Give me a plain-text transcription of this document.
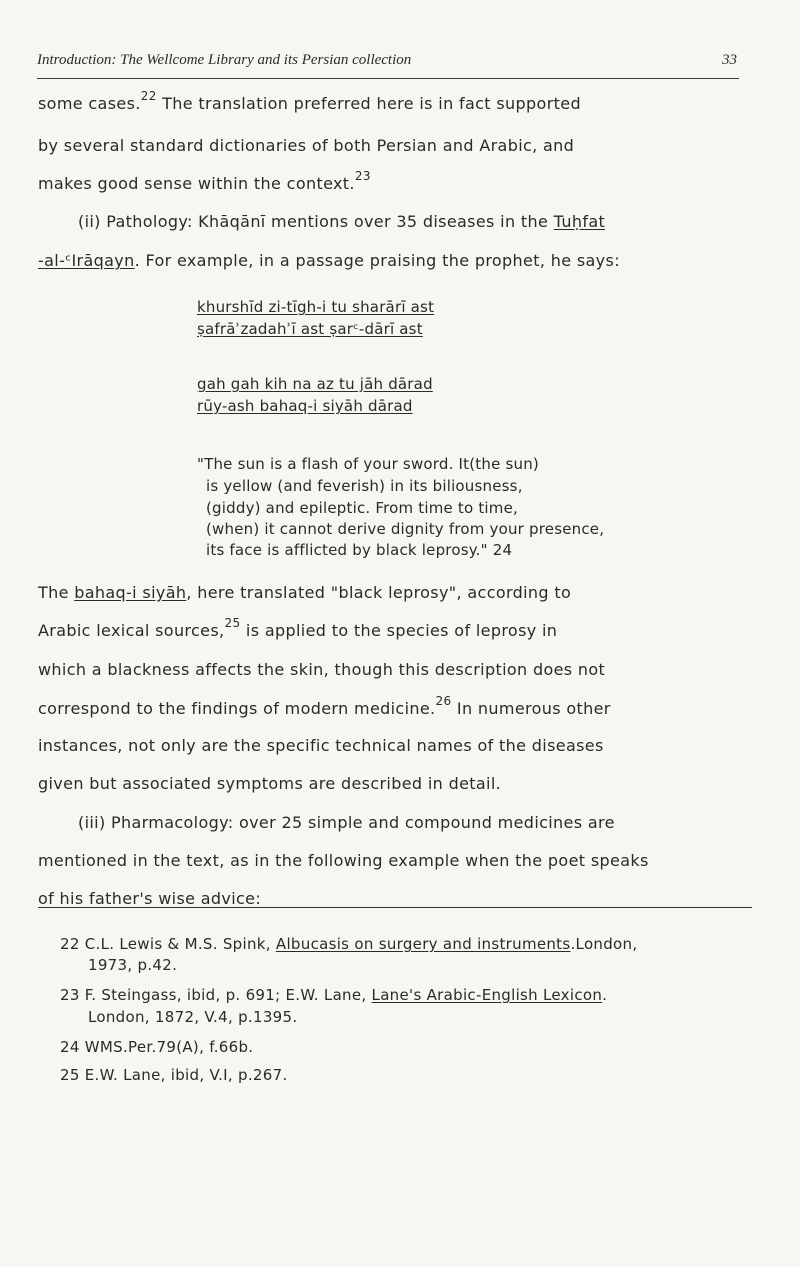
Introduction: The Wellcome Library and its Persian collection	33
some cases.$^{22}$ The translation preferred here is in fact supported
by several standard dictionaries of both Persian and Arabic, and
makes good sense within the context.$^{23}$
(ii) Pathology: Khāqānī mentions over 35 diseases in the Tuḥfat
-al-ᶜIrāqayn. For example, in a passage praising the prophet, he says:
khurshīd zi-tīgh-i tu sharārī ast
ṣafrāʾzadahʾī ast ṣarᶜ-dārī ast
gah gah kih na az tu jāh dārad
rūy-ash bahaq-i siyāh dārad
"The sun is a flash of your sword. It(the sun)
is yellow (and feverish) in its biliousness,
(giddy) and epileptic. From time to time,
(when) it cannot derive dignity from your presence,
its face is afflicted by black leprosy." 24
The bahaq-i siyāh, here translated "black leprosy", according to
Arabic lexical sources,$^{25}$ is applied to the species of leprosy in
which a blackness affects the skin, though this description does not
correspond to the findings of modern medicine.$^{26}$ In numerous other
instances, not only are the specific technical names of the diseases
given but associated symptoms are described in detail.
(iii) Pharmacology: over 25 simple and compound medicines are
mentioned in the text, as in the following example when the poet speaks
of his father's wise advice:
22 C.L. Lewis & M.S. Spink, Albucasis on surgery and instruments.London,
1973, p.42.
23 F. Steingass, ibid, p. 691; E.W. Lane, Lane's Arabic-English Lexicon.
London, 1872, V.4, p.1395.
24 WMS.Per.79(A), f.66b.
25 E.W. Lane, ibid, V.I, p.267.
